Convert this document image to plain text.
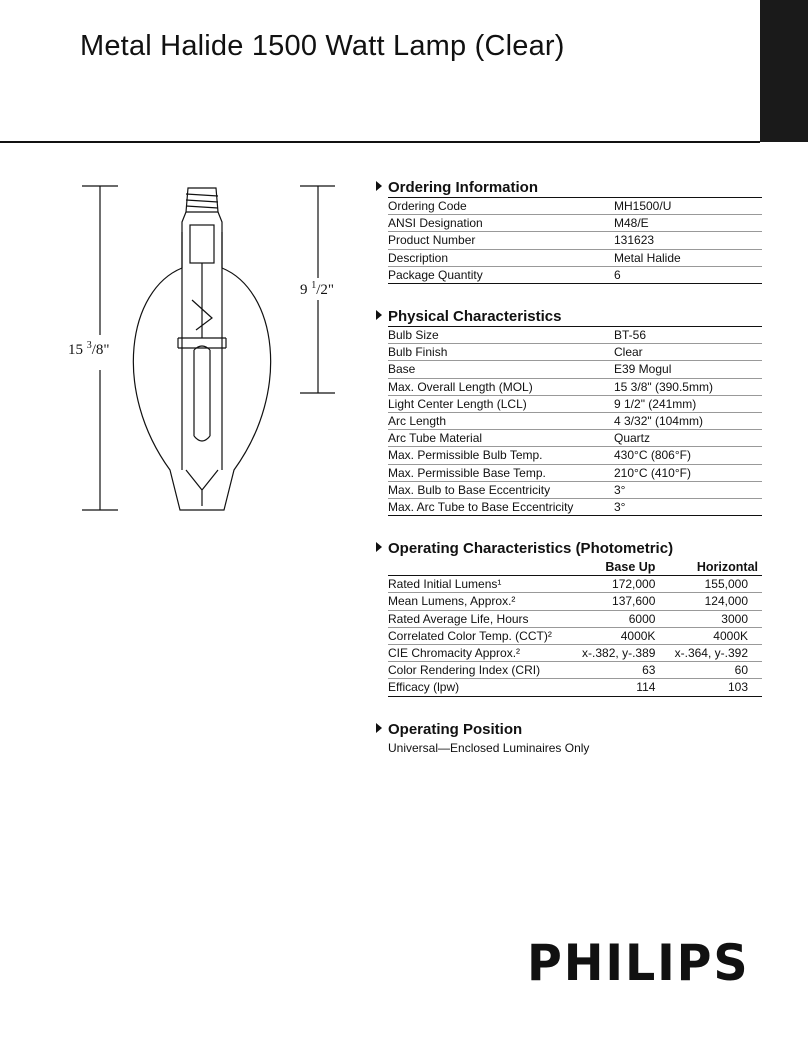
Metal Halide 1500 Watt Lamp (Clear)
15 $^3$/8"
9 $^1$/2"
Ordering Information
Ordering Code	MH1500/U
ANSI Designation	M48/E
Product Number	131623
Description	Metal Halide
Package Quantity	6
Physical Characteristics
Bulb Size	BT-56
Bulb Finish	Clear
Base	E39 Mogul
Max. Overall Length (MOL)	15 3/8" (390.5mm)
Light Center Length (LCL)	9 1/2" (241mm)
Arc Length	4 3/32" (104mm)
Arc Tube Material	Quartz
Max. Permissible Bulb Temp.	430°C (806°F)
Max. Permissible Base Temp.	210°C (410°F)
Max. Bulb to Base Eccentricity	3°
Max. Arc Tube to Base Eccentricity	3°
Operating Characteristics (Photometric)
	Base Up	Horizontal
Rated Initial Lumens¹	172,000	155,000
Mean Lumens, Approx.²	137,600	124,000
Rated Average Life, Hours	6000	3000
Correlated Color Temp. (CCT)²	4000K	4000K
CIE Chromacity Approx.²	x-.382, y-.389	x-.364, y-.392
Color Rendering Index (CRI)	63	60
Efficacy (lpw)	114	103
Operating Position
Universal—Enclosed Luminaires Only
PHILIPS
